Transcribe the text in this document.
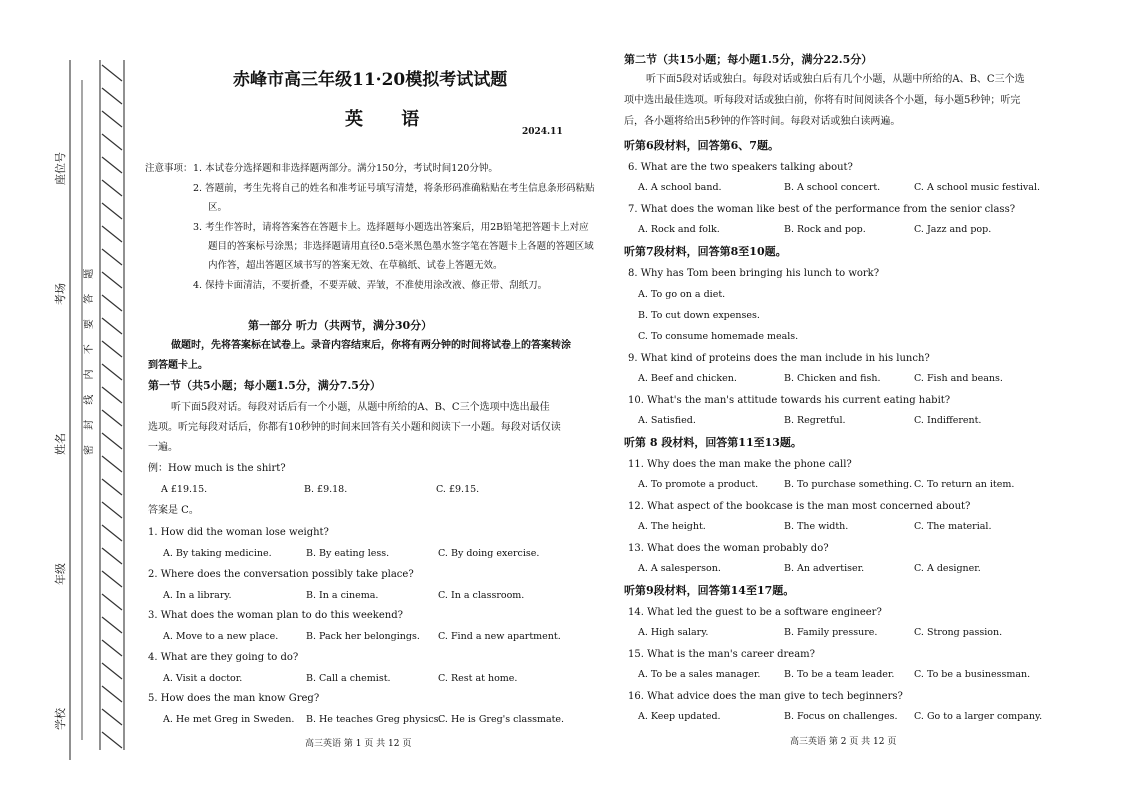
座位号
考场
姓名
年级
学校
密 封 线 内 不 要 答 题
赤峰市高三年级11·20模拟考试试题
英 语
2024.11
注意事项： 1. 本试卷分选择题和非选择题两部分。满分150分，考试时间120分钟。
2. 答题前，考生先将自己的姓名和准考证号填写清楚，将条形码准确粘贴在考生信息条形码粘贴
区。
3. 考生作答时，请将答案答在答题卡上。选择题每小题选出答案后，用2B铅笔把答题卡上对应
题目的答案标号涂黑；非选择题请用直径0.5毫米黑色墨水签字笔在答题卡上各题的答题区域
内作答，超出答题区域书写的答案无效、在草稿纸、试卷上答题无效。
4. 保持卡面清洁，不要折叠，不要弄破、弄皱，不准使用涂改液、修正带、刮纸刀。
第一部分 听力（共两节，满分30分）
做题时，先将答案标在试卷上。录音内容结束后，你将有两分钟的时间将试卷上的答案转涂
到答题卡上。
第一节（共5小题；每小题1.5分，满分7.5分）
听下面5段对话。每段对话后有一个小题，从题中所给的A、B、C三个选项中选出最佳
选项。听完每段对话后，你都有10秒钟的时间来回答有关小题和阅读下一小题。每段对话仅读
一遍。
例：How much is the shirt?
A £19.15.	B. £9.18.	C. £9.15.
答案是 C。
1. How did the woman lose weight?
A. By taking medicine.	B. By eating less.	C. By doing exercise.
2. Where does the conversation possibly take place?
A. In a library.	B. In a cinema.	C. In a classroom.
3. What does the woman plan to do this weekend?
A. Move to a new place.	B. Pack her belongings. C. Find a new apartment.
4. What are they going to do?
A. Visit a doctor.	B. Call a chemist.	C. Rest at home.
5. How does the man know Greg?
A. He met Greg in Sweden. B. He teaches Greg physics.
C. He is Greg's classmate.
高三英语 第 1 页 共 12 页
第二节（共15小题；每小题1.5分，满分22.5分）
听下面5段对话或独白。每段对话或独白后有几个小题，从题中所给的A、B、C三个选
项中选出最佳选项。听每段对话或独白前，你将有时间阅读各个小题，每小题5秒钟；听完
后，各小题将给出5秒钟的作答时间。每段对话或独白读两遍。
听第6段材料，回答第6、7题。
6. What are the two speakers talking about?
A. A school band.	B. A school concert.	C. A school music festival.
7. What does the woman like best of the performance from the senior class?
A. Rock and folk.	B. Rock and pop.	C. Jazz and pop.
听第7段材料，回答第8至10题。
8. Why has Tom been bringing his lunch to work?
A. To go on a diet.
B. To cut down expenses.
C. To consume homemade meals.
9. What kind of proteins does the man include in his lunch?
A. Beef and chicken.	B. Chicken and fish.	C. Fish and beans.
10. What's the man's attitude towards his current eating habit?
A. Satisfied.	B. Regretful.	C. Indifferent.
听第 8 段材料，回答第11至13题。
11. Why does the man make the phone call?
A. To promote a product.	B. To purchase something. C. To return an item.
12. What aspect of the bookcase is the man most concerned about?
A. The height.	B. The width.	C. The material.
13. What does the woman probably do?
A. A salesperson.	B. An advertiser.	C. A designer.
听第9段材料，回答第14至17题。
14. What led the guest to be a software engineer?
A. High salary.	B. Family pressure.	C. Strong passion.
15. What is the man's career dream?
A. To be a sales manager. B. To be a team leader. C. To be a businessman.
16. What advice does the man give to tech beginners?
A. Keep updated.	B. Focus on challenges. C. Go to a larger company.
高三英语 第 2 页 共 12 页
